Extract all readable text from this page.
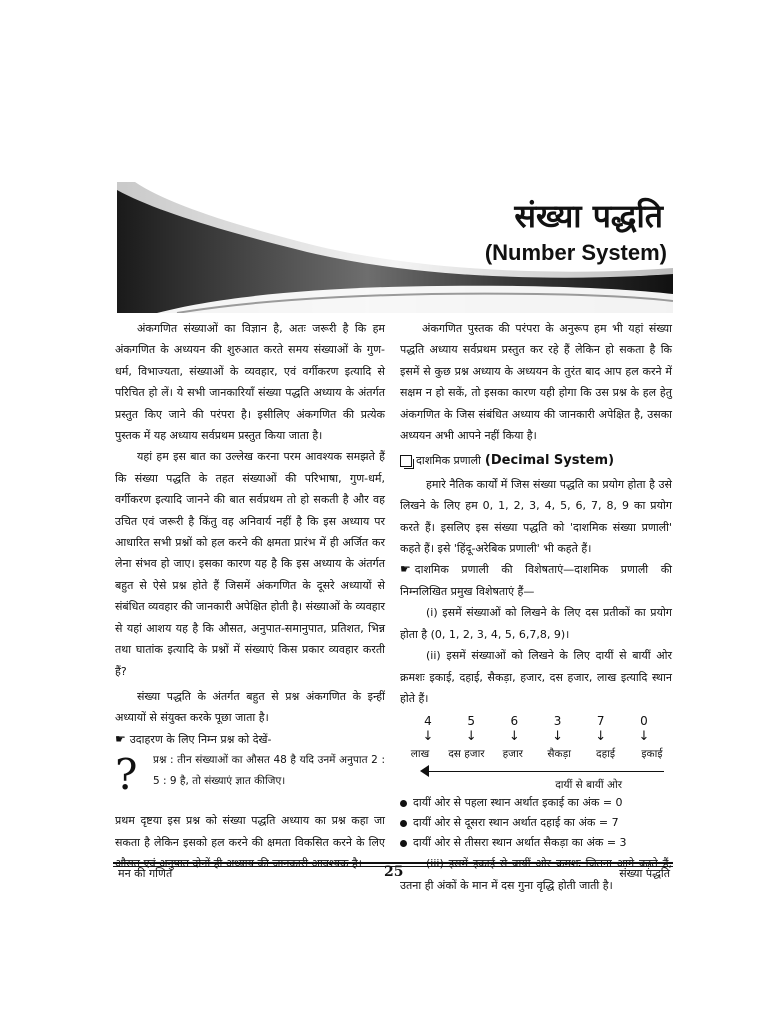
संख्या पद्धति
(Number System)

अंकगणित संख्याओं का विज्ञान है, अतः जरूरी है कि हम अंकगणित के अध्ययन की शुरुआत करते समय संख्याओं के गुण-धर्म, विभाज्यता, संख्याओं के व्यवहार, एवं वर्गीकरण इत्यादि से परिचित हो लें। ये सभी जानकारियाँ संख्या पद्धति अध्याय के अंतर्गत प्रस्तुत किए जाने की परंपरा है। इसीलिए अंकगणित की प्रत्येक पुस्तक में यह अध्याय सर्वप्रथम प्रस्तुत किया जाता है।

यहां हम इस बात का उल्लेख करना परम आवश्यक समझते हैं कि संख्या पद्धति के तहत संख्याओं की परिभाषा, गुण-धर्म, वर्गीकरण इत्यादि जानने की बात सर्वप्रथम तो हो सकती है और वह उचित एवं जरूरी है किंतु वह अनिवार्य नहीं है कि इस अध्याय पर आधारित सभी प्रश्नों को हल करने की क्षमता प्रारंभ में ही अर्जित कर लेना संभव हो जाए। इसका कारण यह है कि इस अध्याय के अंतर्गत बहुत से ऐसे प्रश्न होते हैं जिसमें अंकगणित के दूसरे अध्यायों से संबंधित व्यवहार की जानकारी अपेक्षित होती है। संख्याओं के व्यवहार से यहां आशय यह है कि औसत, अनुपात-समानुपात, प्रतिशत, भिन्न तथा घातांक इत्यादि के प्रश्नों में संख्याएं किस प्रकार व्यवहार करती हैं?

संख्या पद्धति के अंतर्गत बहुत से प्रश्न अंकगणित के इन्हीं अध्यायों से संयुक्त करके पूछा जाता है।

☛ उदाहरण के लिए निम्न प्रश्न को देखें-

? प्रश्न : तीन संख्याओं का औसत 48 है यदि उनमें अनुपात 2 : 5 : 9 है, तो संख्याएं ज्ञात कीजिए।

प्रथम दृष्टया इस प्रश्न को संख्या पद्धति अध्याय का प्रश्न कहा जा सकता है लेकिन इसको हल करने की क्षमता विकसित करने के लिए औसत एवं अनुपात दोनों ही अध्याय की जानकारी आवश्यक है।

अंकगणित पुस्तक की परंपरा के अनुरूप हम भी यहां संख्या पद्धति अध्याय सर्वप्रथम प्रस्तुत कर रहे हैं लेकिन हो सकता है कि इसमें से कुछ प्रश्न अध्याय के अध्ययन के तुरंत बाद आप हल करने में सक्षम न हो सकें, तो इसका कारण यही होगा कि उस प्रश्न के हल हेतु अंकगणित के जिस संबंधित अध्याय की जानकारी अपेक्षित है, उसका अध्ययन अभी आपने नहीं किया है।

दाशमिक प्रणाली (Decimal System)

हमारे नैतिक कार्यों में जिस संख्या पद्धति का प्रयोग होता है उसे लिखने के लिए हम 0, 1, 2, 3, 4, 5, 6, 7, 8, 9 का प्रयोग करते हैं। इसलिए इस संख्या पद्धति को 'दाशमिक संख्या प्रणाली' कहते हैं। इसे 'हिंदू-अरेबिक प्रणाली' भी कहते हैं।

☛ दाशमिक प्रणाली की विशेषताएं—दाशमिक प्रणाली की निम्नलिखित प्रमुख विशेषताएं हैं—

(i) इसमें संख्याओं को लिखने के लिए दस प्रतीकों का प्रयोग होता है (0, 1, 2, 3, 4, 5, 6,7,8, 9)।

(ii) इसमें संख्याओं को लिखने के लिए दायीं से बायीं ओर क्रमशः इकाई, दहाई, सैकड़ा, हजार, दस हजार, लाख इत्यादि स्थान होते हैं।

4	5	6	3	7	0
↓	↓	↓	↓	↓	↓
लाख	दस हजार	हजार	सैकड़ा	दहाई	इकाई
दायीं से बायीं ओर
दायीं ओर से पहला स्थान अर्थात इकाई का अंक = 0
दायीं ओर से दूसरा स्थान अर्थात दहाई का अंक = 7
दायीं ओर से तीसरा स्थान अर्थात सैकड़ा का अंक = 3

(iii) इसमें इकाई से बायीं ओर क्रमशः जितना आगे बढ़ते हैं, उतना ही अंकों के मान में दस गुना वृद्धि होती जाती है।

मन की गणित	25	संख्या पद्धति
